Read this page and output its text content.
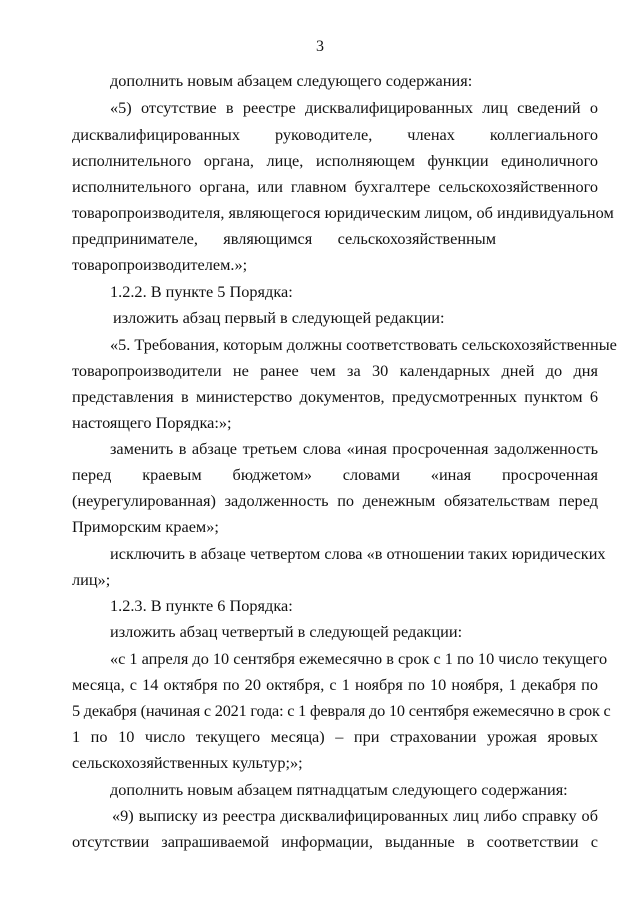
3
дополнить новым абзацем следующего содержания:
«5) отсутствие в реестре дисквалифицированных лиц сведений о
дисквалифицированных руководителе, членах коллегиального
исполнительного органа, лице, исполняющем функции единоличного
исполнительного органа, или главном бухгалтере сельскохозяйственного
товаропроизводителя, являющегося юридическим лицом, об индивидуальном
предпринимателе, являющимся сельскохозяйственным
товаропроизводителем.»;
1.2.2. В пункте 5 Порядка:
изложить абзац первый в следующей редакции:
«5. Требования, которым должны соответствовать сельскохозяйственные
товаропроизводители не ранее чем за 30 календарных дней до дня
представления в министерство документов, предусмотренных пунктом 6
настоящего Порядка:»;
заменить в абзаце третьем слова «иная просроченная задолженность
перед краевым бюджетом» словами «иная просроченная
(неурегулированная) задолженность по денежным обязательствам перед
Приморским краем»;
исключить в абзаце четвертом слова «в отношении таких юридических
лиц»;
1.2.3. В пункте 6 Порядка:
изложить абзац четвертый в следующей редакции:
«с 1 апреля до 10 сентября ежемесячно в срок с 1 по 10 число текущего
месяца, с 14 октября по 20 октября, с 1 ноября по 10 ноября, 1 декабря по
5 декабря (начиная с 2021 года: с 1 февраля до 10 сентября ежемесячно в срок с
1 по 10 число текущего месяца) – при страховании урожая яровых
сельскохозяйственных культур;»;
дополнить новым абзацем пятнадцатым следующего содержания:
«9) выписку из реестра дисквалифицированных лиц либо справку об
отсутствии запрашиваемой информации, выданные в соответствии с
